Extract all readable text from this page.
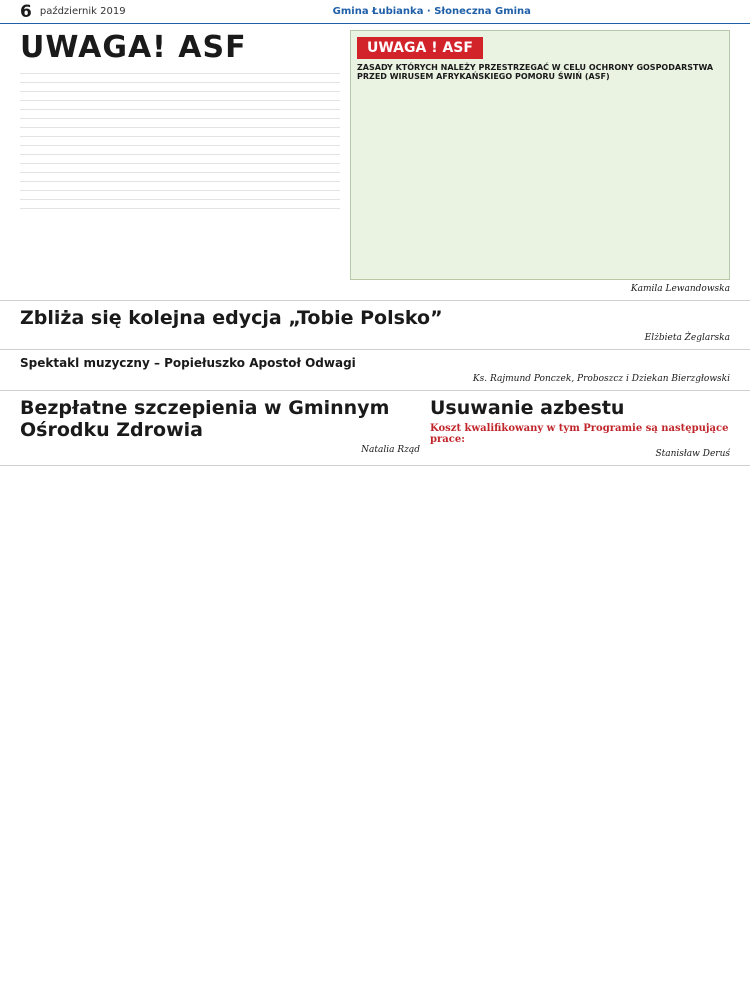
6 październik 2019	Gmina Łubianka · Słoneczna Gmina
UWAGA! ASF	UWAGA ! ASF

ZASADY KTÓRYCH NALEŻY PRZESTRZEGAĆ W CELU OCHRONY GOSPODARSTWA PRZED WIRUSEM AFRYKAŃSKIEGO POMORU ŚWIŃ (ASF)

Kamila Lewandowska

Zbliża się kolejna edycja „Tobie Polsko”

Elżbieta Żeglarska

Spektakl muzyczny – Popiełuszko Apostoł Odwagi

Ks. Rajmund Ponczek, Proboszcz i Dziekan Bierzgłowski

Bezpłatne szczepienia w Gminnym Ośrodku Zdrowia

Natalia Rząd

Usuwanie azbestu

Koszt kwalifikowany w tym Programie są następujące prace:

Stanisław Deruś
